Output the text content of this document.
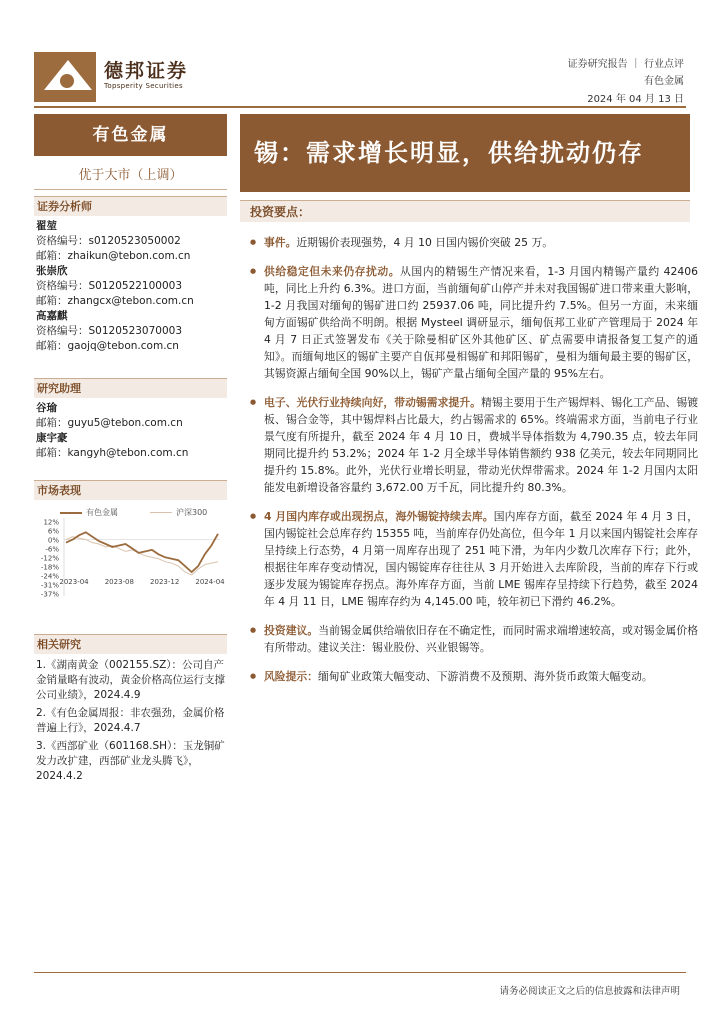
德邦证券
Topsperity Securities
证券研究报告 ｜ 行业点评
有色金属
2024 年 04 月 13 日
有色金属
优于大市（上调）
锡：需求增长明显，供给扰动仍存
证券分析师
翟堃
资格编号：s0120523050002
邮箱：zhaikun@tebon.com.cn
张崇欣
资格编号：S0120522100003
邮箱：zhangcx@tebon.com.cn
高嘉麒
资格编号：S0120523070003
邮箱：gaojq@tebon.com.cn
研究助理
谷瑜
邮箱：guyu5@tebon.com.cn
康宇豪
邮箱：kangyh@tebon.com.cn
市场表现
有色金属	沪深300
12%
6%
0%
-6%
-12%
-18%
-24%
-31%
-37%
2023-04 2023-08 2023-12 2024-04
相关研究
1.《湖南黄金（002155.SZ）：公司自产金销量略有波动，黄金价格高位运行支撑公司业绩》，2024.4.9
2.《有色金属周报：非农强劲，金属价格普遍上行》，2024.4.7
3.《西部矿业（601168.SH）：玉龙铜矿发力改扩建，西部矿业龙头腾飞》，2024.4.2
投资要点：
● 事件。近期锡价表现强势，4 月 10 日国内锡价突破 25 万。
● 供给稳定但未来仍存扰动。从国内的精锡生产情况来看，1-3 月国内精锡产量约 42406 吨，同比上升约 6.3%。进口方面，当前缅甸矿山停产并未对我国锡矿进口带来重大影响，1-2 月我国对缅甸的锡矿进口约 25937.06 吨，同比提升约 7.5%。但另一方面，未来缅甸方面锡矿供给尚不明朗。根据 Mysteel 调研显示，缅甸佤邦工业矿产管理局于 2024 年 4 月 7 日正式签署发布《关于除曼相矿区外其他矿区、矿点需要申请报备复工复产的通知》。而缅甸地区的锡矿主要产自佤邦曼相锡矿和邦阳锡矿，曼相为缅甸最主要的锡矿区，其锡资源占缅甸全国 90%以上，锡矿产量占缅甸全国产量的 95%左右。
● 电子、光伏行业持续向好，带动锡需求提升。精锡主要用于生产锡焊料、锡化工产品、锡镀板、锡合金等，其中锡焊料占比最大，约占锡需求的 65%。终端需求方面，当前电子行业景气度有所提升，截至 2024 年 4 月 10 日，费城半导体指数为 4,790.35 点，较去年同期同比提升约 53.2%；2024 年 1-2 月全球半导体销售额约 938 亿美元，较去年同期同比提升约 15.8%。此外，光伏行业增长明显，带动光伏焊带需求。2024 年 1-2 月国内太阳能发电新增设备容量约 3,672.00 万千瓦，同比提升约 80.3%。
● 4 月国内库存或出现拐点，海外锡锭持续去库。国内库存方面，截至 2024 年 4 月 3 日，国内锡锭社会总库存约 15355 吨，当前库存仍处高位，但今年 1 月以来国内锡锭社会库存呈持续上行态势，4 月第一周库存出现了 251 吨下滑，为年内少数几次库存下行；此外，根据往年库存变动情况，国内锡锭库存往往从 3 月开始进入去库阶段，当前的库存下行或逐步发展为锡锭库存拐点。海外库存方面，当前 LME 锡库存呈持续下行趋势，截至 2024 年 4 月 11 日，LME 锡库存约为 4,145.00 吨，较年初已下滑约 46.2%。
● 投资建议。当前锡金属供给端依旧存在不确定性，而同时需求端增速较高，或对锡金属价格有所带动。建议关注：锡业股份、兴业银锡等。
● 风险提示：缅甸矿业政策大幅变动、下游消费不及预期、海外货币政策大幅变动。
请务必阅读正文之后的信息披露和法律声明
